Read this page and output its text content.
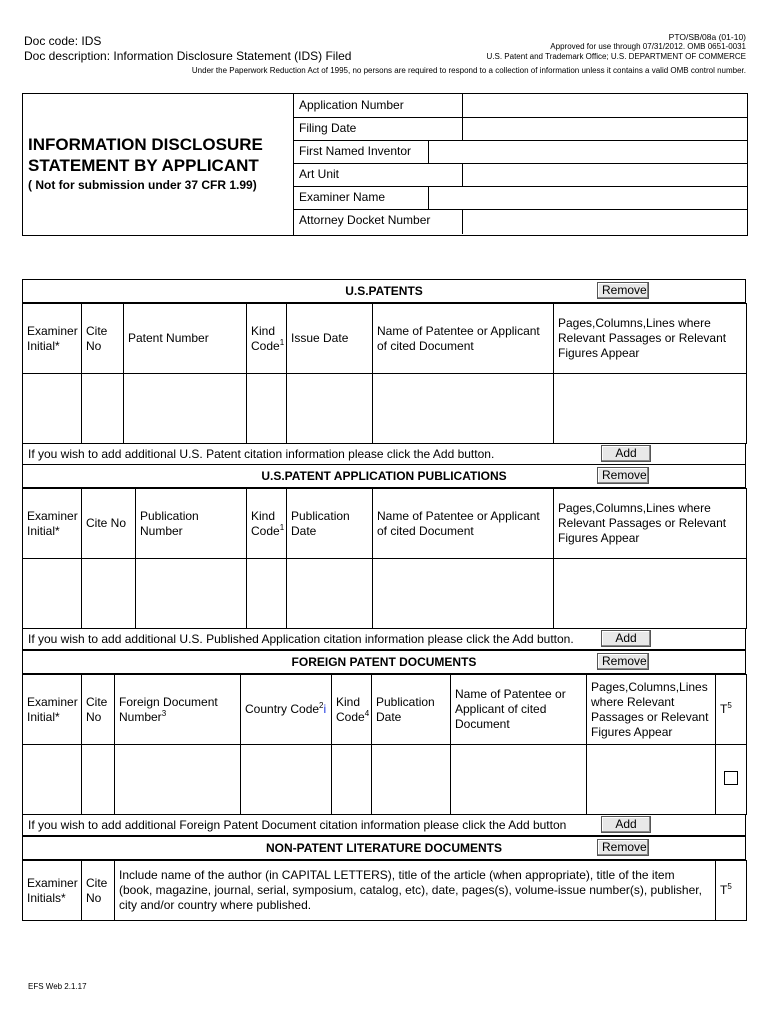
Doc code: IDS
Doc description: Information Disclosure Statement (IDS) Filed
PTO/SB/08a (01-10)
Approved for use through 07/31/2012. OMB 0651-0031
U.S. Patent and Trademark Office; U.S. DEPARTMENT OF COMMERCE
Under the Paperwork Reduction Act of 1995, no persons are required to respond to a collection of information unless it contains a valid OMB control number.
INFORMATION DISCLOSURE
STATEMENT BY APPLICANT
( Not for submission under 37 CFR 1.99)
Application Number
Filing Date
First Named Inventor
Art Unit
Examiner Name
Attorney Docket Number
U.S.PATENTS	Remove
Examiner Initial*	Cite No	Patent Number	Kind Code$^1$	Issue Date	Name of Patentee or Applicant of cited Document	Pages,Columns,Lines where Relevant Passages or Relevant Figures Appear

If you wish to add additional U.S. Patent citation information please click the Add button.	Add
U.S.PATENT APPLICATION PUBLICATIONS	Remove
Examiner Initial*	Cite No	Publication Number	Kind Code$^1$	Publication Date	Name of Patentee or Applicant of cited Document	Pages,Columns,Lines where Relevant Passages or Relevant Figures Appear

If you wish to add additional U.S. Published Application citation information please click the Add button.	Add
FOREIGN PATENT DOCUMENTS	Remove
Examiner Initial*	Cite No	Foreign Document Number$^3$	Country Code$^2$i	Kind Code$^4$	Publication Date	Name of Patentee or Applicant of cited Document	Pages,Columns,Lines where Relevant Passages or Relevant Figures Appear	$T^5$

If you wish to add additional Foreign Patent Document citation information please click the Add button	Add
NON-PATENT LITERATURE DOCUMENTS	Remove
Examiner Initials*	Cite No	Include name of the author (in CAPITAL LETTERS), title of the article (when appropriate), title of the item (book, magazine, journal, serial, symposium, catalog, etc), date, pages(s), volume-issue number(s), publisher, city and/or country where published.	$T^5$
EFS Web 2.1.17
